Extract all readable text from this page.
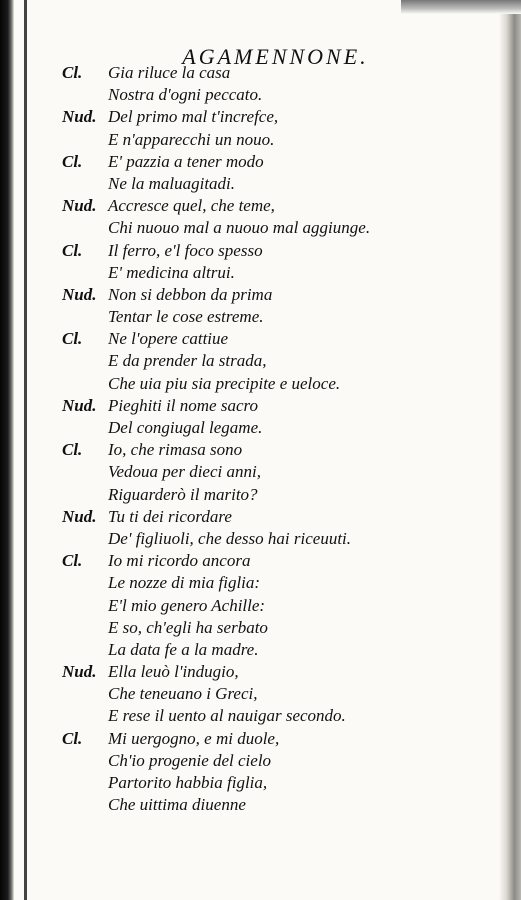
AGAMENNONE.
Cl. Gia riluce la casa
Nostra d'ogni peccato.
Nud. Del primo mal t'increfce,
E n'apparecchi un nouo.
Cl. E' pazzia a tener modo
Ne la maluagitadi.
Nud. Accresce quel, che teme,
Chi nuouo mal a nuouo mal aggiunge.
Cl. Il ferro, e'l foco spesso
E' medicina altrui.
Nud. Non si debbon da prima
Tentar le cose estreme.
Cl. Ne l'opere cattiue
E da prender la strada,
Che uia piu sia precipite e ueloce.
Nud. Pieghiti il nome sacro
Del congiugal legame.
Cl. Io, che rimasa sono
Vedoua per dieci anni,
Riguarderò il marito?
Nud. Tu ti dei ricordare
De' figliuoli, che desso hai riceuuti.
Cl. Io mi ricordo ancora
Le nozze di mia figlia:
E'l mio genero Achille:
E so, ch'egli ha serbato
La data fe a la madre.
Nud. Ella leuò l'indugio,
Che teneuano i Greci,
E rese il uento al nauigar secondo.
Cl. Mi uergogno, e mi duole,
Ch'io progenie del cielo
Partorito habbia figlia,
Che uittima diuenne
